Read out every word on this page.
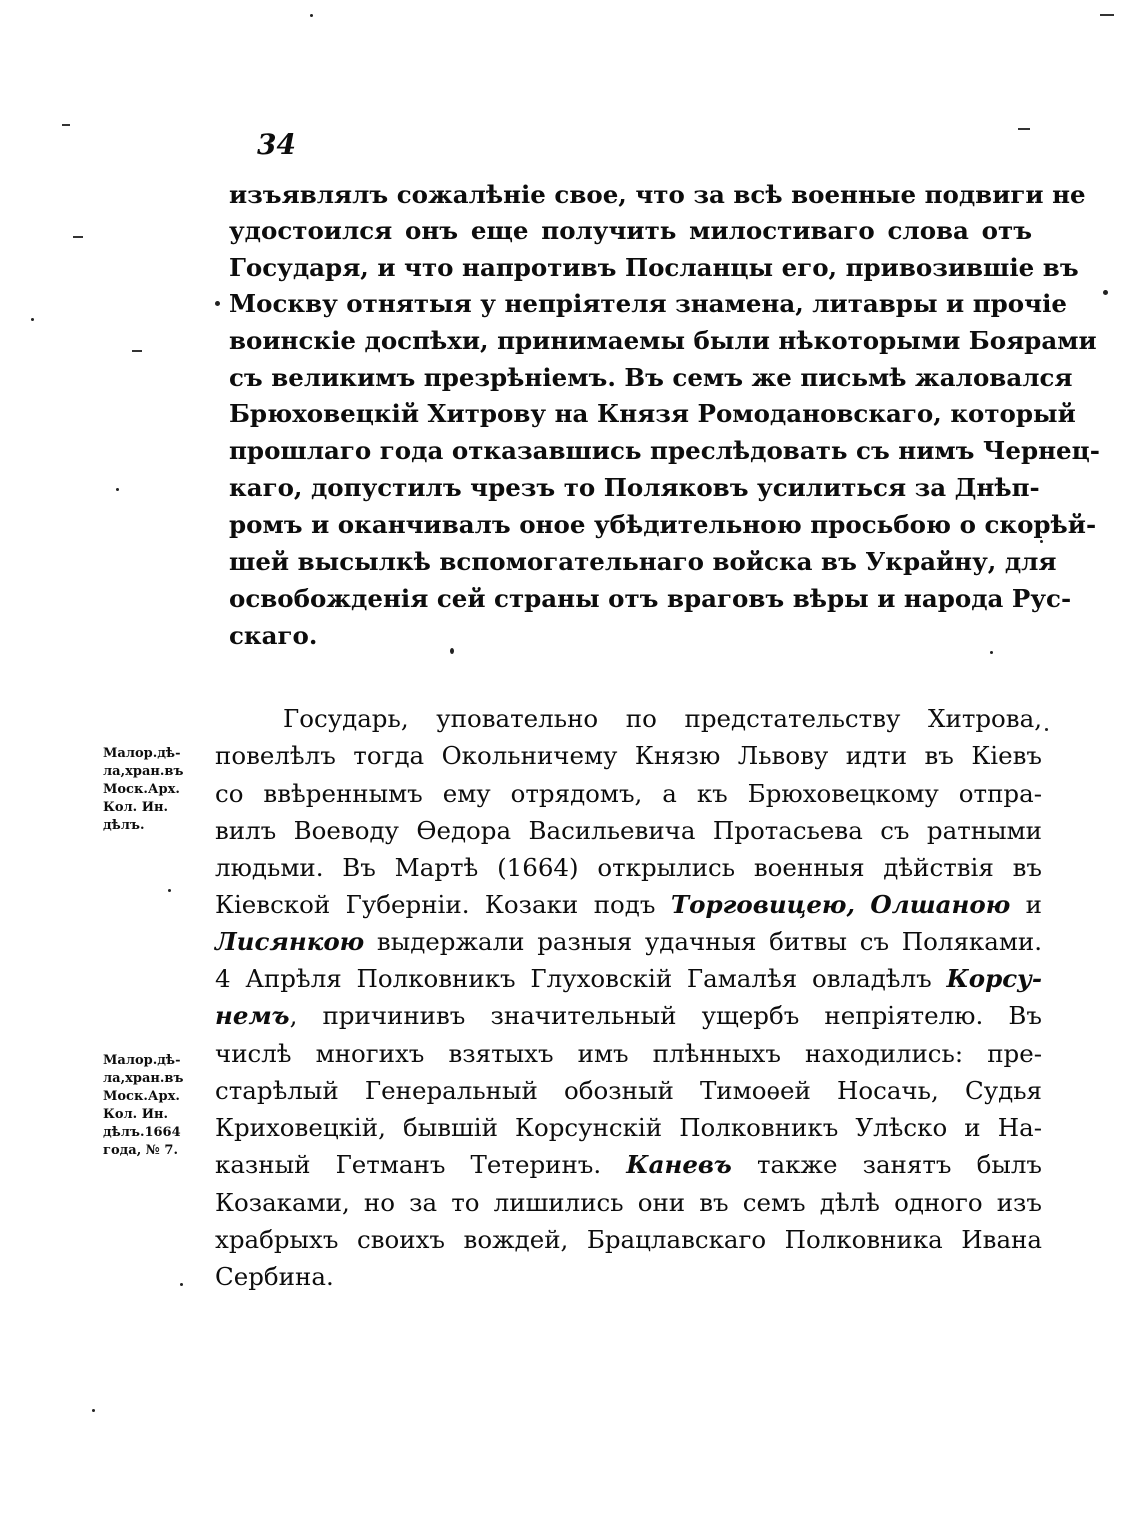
34
изъявлялъ сожалѣніе свое, что за всѣ военные подвиги не
удостоился онъ еще получить милостиваго слова отъ
Государя, и что напротивъ Посланцы его, привозившіе въ
Москву отнятыя у непріятеля знамена, литавры и прочіе
воинскіе доспѣхи, принимаемы были нѣкоторыми Боярами
съ великимъ презрѣніемъ. Въ семъ же письмѣ жаловался
Брюховецкій Хитрову на Князя Ромодановскаго, который
прошлаго года отказавшись преслѣдовать съ нимъ Чернец-
каго, допустилъ чрезъ то Поляковъ усилиться за Днѣп-
ромъ и оканчивалъ оное убѣдительною просьбою о скорѣй-
шей высылкѣ вспомогательнаго войска въ Украйну, для
освобожденія сей страны отъ враговъ вѣры и народа Рус-
скаго.
Государь, уповательно по предстательству Хитрова,
повелѣлъ тогда Окольничему Князю Львову идти въ Кіевъ
со ввѣреннымъ ему отрядомъ, а къ Брюховецкому отпра-
вилъ Воеводу Ѳедора Васильевича Протасьева съ ратными
людьми. Въ Мартѣ (1664) открылись военныя дѣйствія въ
Кіевской Губерніи. Козаки подъ Торговицею, Олшаною и
Лисянкою выдержали разныя удачныя битвы съ Поляками.
4 Апрѣля Полковникъ Глуховскій Гамалѣя овладѣлъ Корсу-
немъ, причинивъ значительный ущербъ непріятелю. Въ
числѣ многихъ взятыхъ имъ плѣнныхъ находились: пре-
старѣлый Генеральный обозный Тимоѳей Носачь, Судья
Криховецкій, бывшій Корсунскій Полковникъ Улѣско и На-
казный Гетманъ Тетеринъ. Каневъ также занятъ былъ
Козаками, но за то лишились они въ семъ дѣлѣ одного изъ
храбрыхъ своихъ вождей, Брацлавскаго Полковника Ивана
Сербина.
Малор.дѣ-
ла,хран.въ
Моск.Арх.
Кол. Ин.
дѣлъ.
Малор.дѣ-
ла,хран.въ
Моск.Арх.
Кол. Ин.
дѣлъ.1664
года, № 7.
